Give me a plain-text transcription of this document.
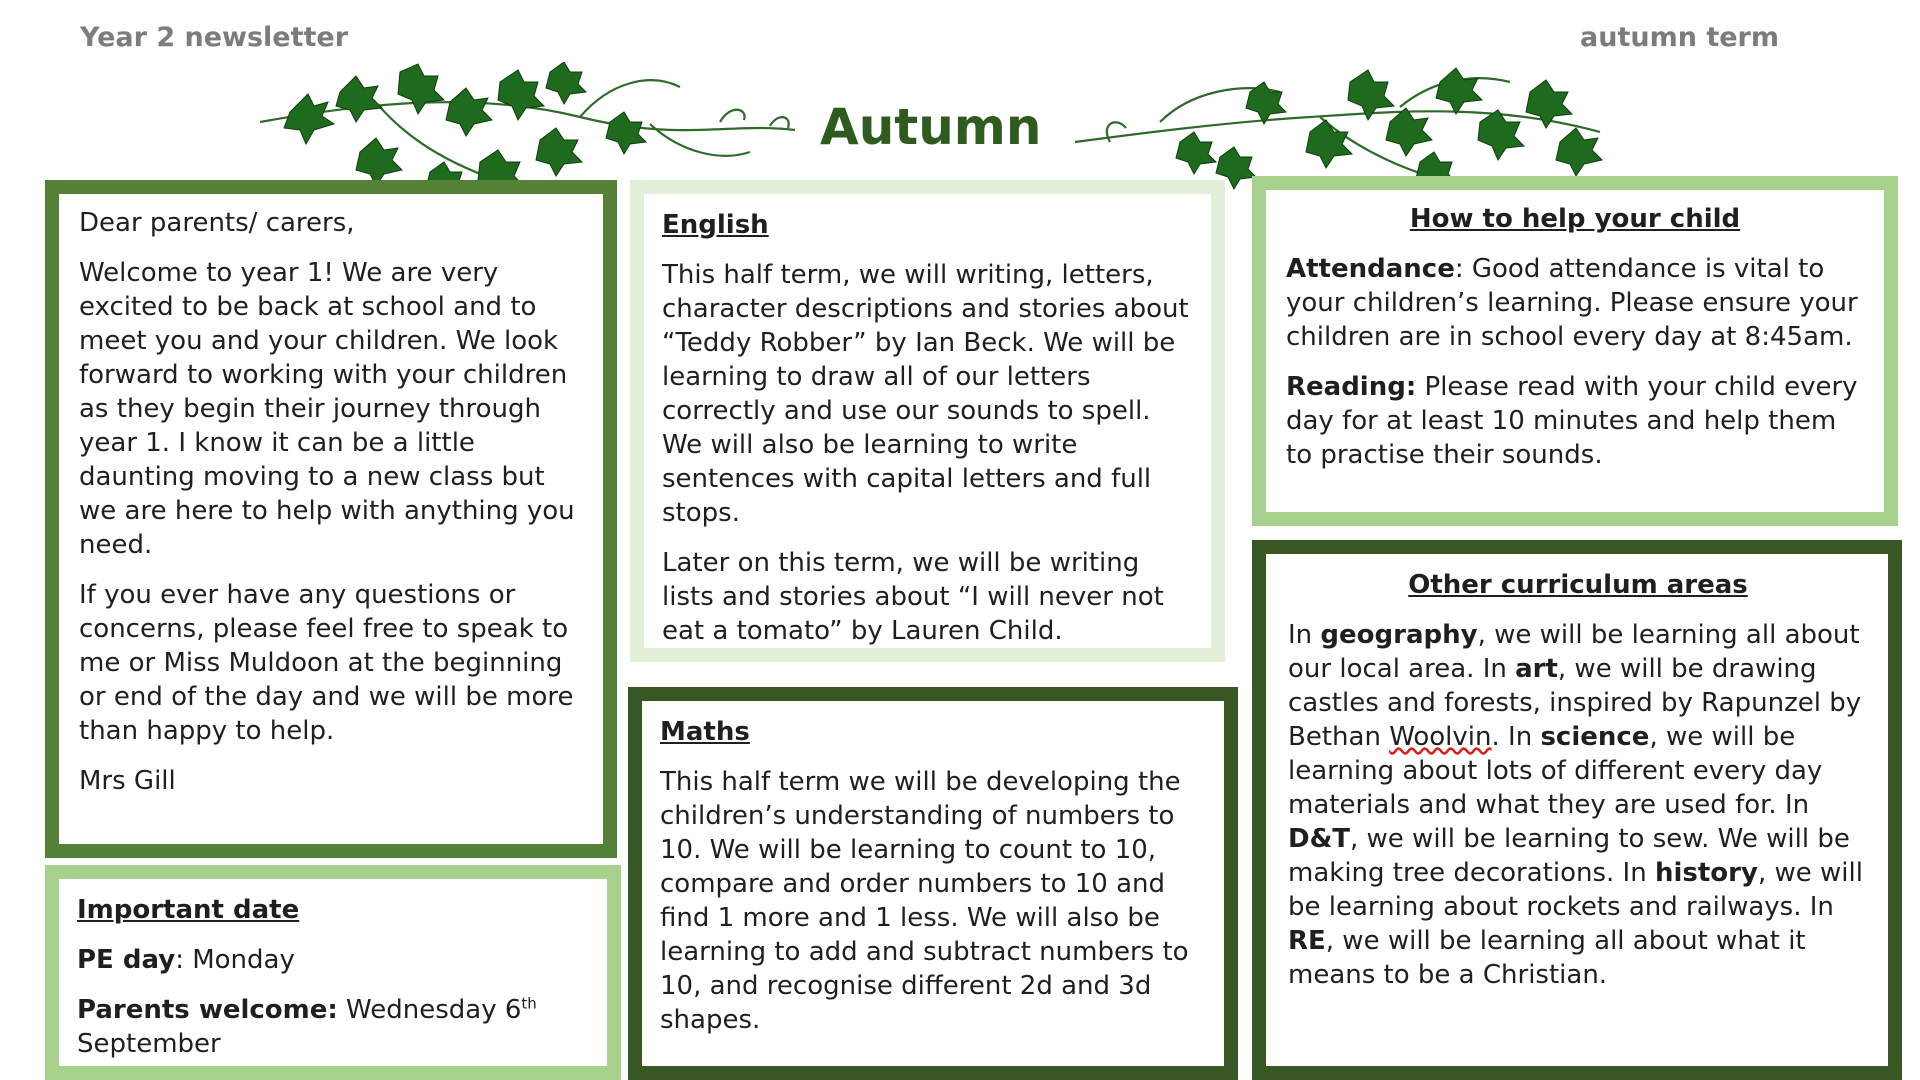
Year 2 newsletter	autumn term
Autumn

Dear parents/ carers,

Welcome to year 1! We are very excited to be back at school and to meet you and your children. We look forward to working with your children as they begin their journey through year 1. I know it can be a little daunting moving to a new class but we are here to help with anything you need.

If you ever have any questions or concerns, please feel free to speak to me or Miss Muldoon at the beginning or end of the day and we will be more than happy to help.

Mrs Gill

Important date

PE day: Monday

Parents welcome: Wednesday 6th
September

English

This half term, we will writing, letters, character descriptions and stories about “Teddy Robber” by Ian Beck. We will be learning to draw all of our letters correctly and use our sounds to spell. We will also be learning to write sentences with capital letters and full stops.

Later on this term, we will be writing lists and stories about “I will never not eat a tomato” by Lauren Child.

Maths

This half term we will be developing the children’s understanding of numbers to 10. We will be learning to count to 10, compare and order numbers to 10 and find 1 more and 1 less. We will also be learning to add and subtract numbers to 10, and recognise different 2d and 3d shapes.

How to help your child

Attendance: Good attendance is vital to your children’s learning. Please ensure your children are in school every day at 8:45am.

Reading: Please read with your child every day for at least 10 minutes and help them to practise their sounds.

Other curriculum areas

In geography, we will be learning all about our local area. In art, we will be drawing castles and forests, inspired by Rapunzel by Bethan Woolvin. In science, we will be learning about lots of different every day materials and what they are used for. In D&T, we will be learning to sew. We will be making tree decorations. In history, we will be learning about rockets and railways. In RE, we will be learning all about what it means to be a Christian.
